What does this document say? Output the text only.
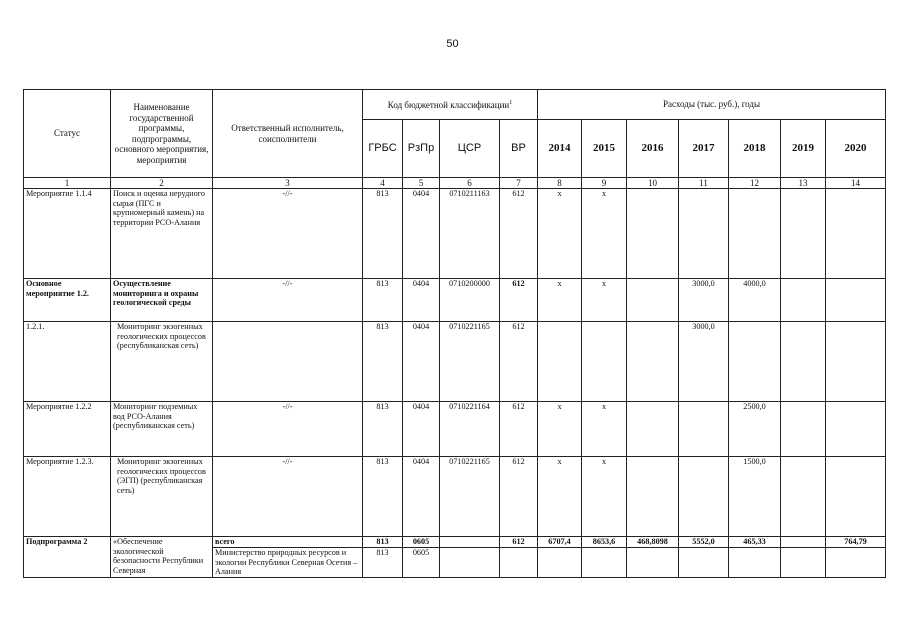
50
Статус	Наименование государственной программы, подпрограммы, основного мероприятия, мероприятия	Ответственный исполнитель, соисполнители	Код бюджетной классификации$^1$				Расходы (тыс. руб.), годы						
			ГРБС	РзПр	ЦСР	ВР	2014	2015	2016	2017	2018	2019	2020
1	2	3	4	5	6	7	8	9	10	11	12	13	14
Мероприятие 1.1.4	Поиск и оценка нерудного сырья (ПГС и крупномерный камень) на территории РСО-Алания	-//-	813	0404	0710211163	612	х	х					
Основное мероприятие 1.2.	Осуществление мониторинга и охраны геологической среды	-//-	813	0404	0710200000	612	х	х		3000,0	4000,0		
1.2.1.	Мониторинг экзогенных геологических процессов (республиканская сеть)		813	0404	0710221165	612				3000,0			
Мероприятие 1.2.2	Мониторинг подземных вод РСО-Алания (республиканская сеть)	-//-	813	0404	0710221164	612	х	х			2500,0		
Мероприятие 1.2.3.	Мониторинг экзогенных геологических процессов (ЭГП) (республиканская сеть)	-//-	813	0404	0710221165	612	х	х			1500,0		
Подпрограмма 2	«Обеспечение экологической безопасности Республики Северная	всего	813	0605		612	6707,4	8653,6	468,8098	5552,0	465,33		764,79
		Министерство природных ресурсов и экологии Республики Северная Осетия – Алания	813	0605									
